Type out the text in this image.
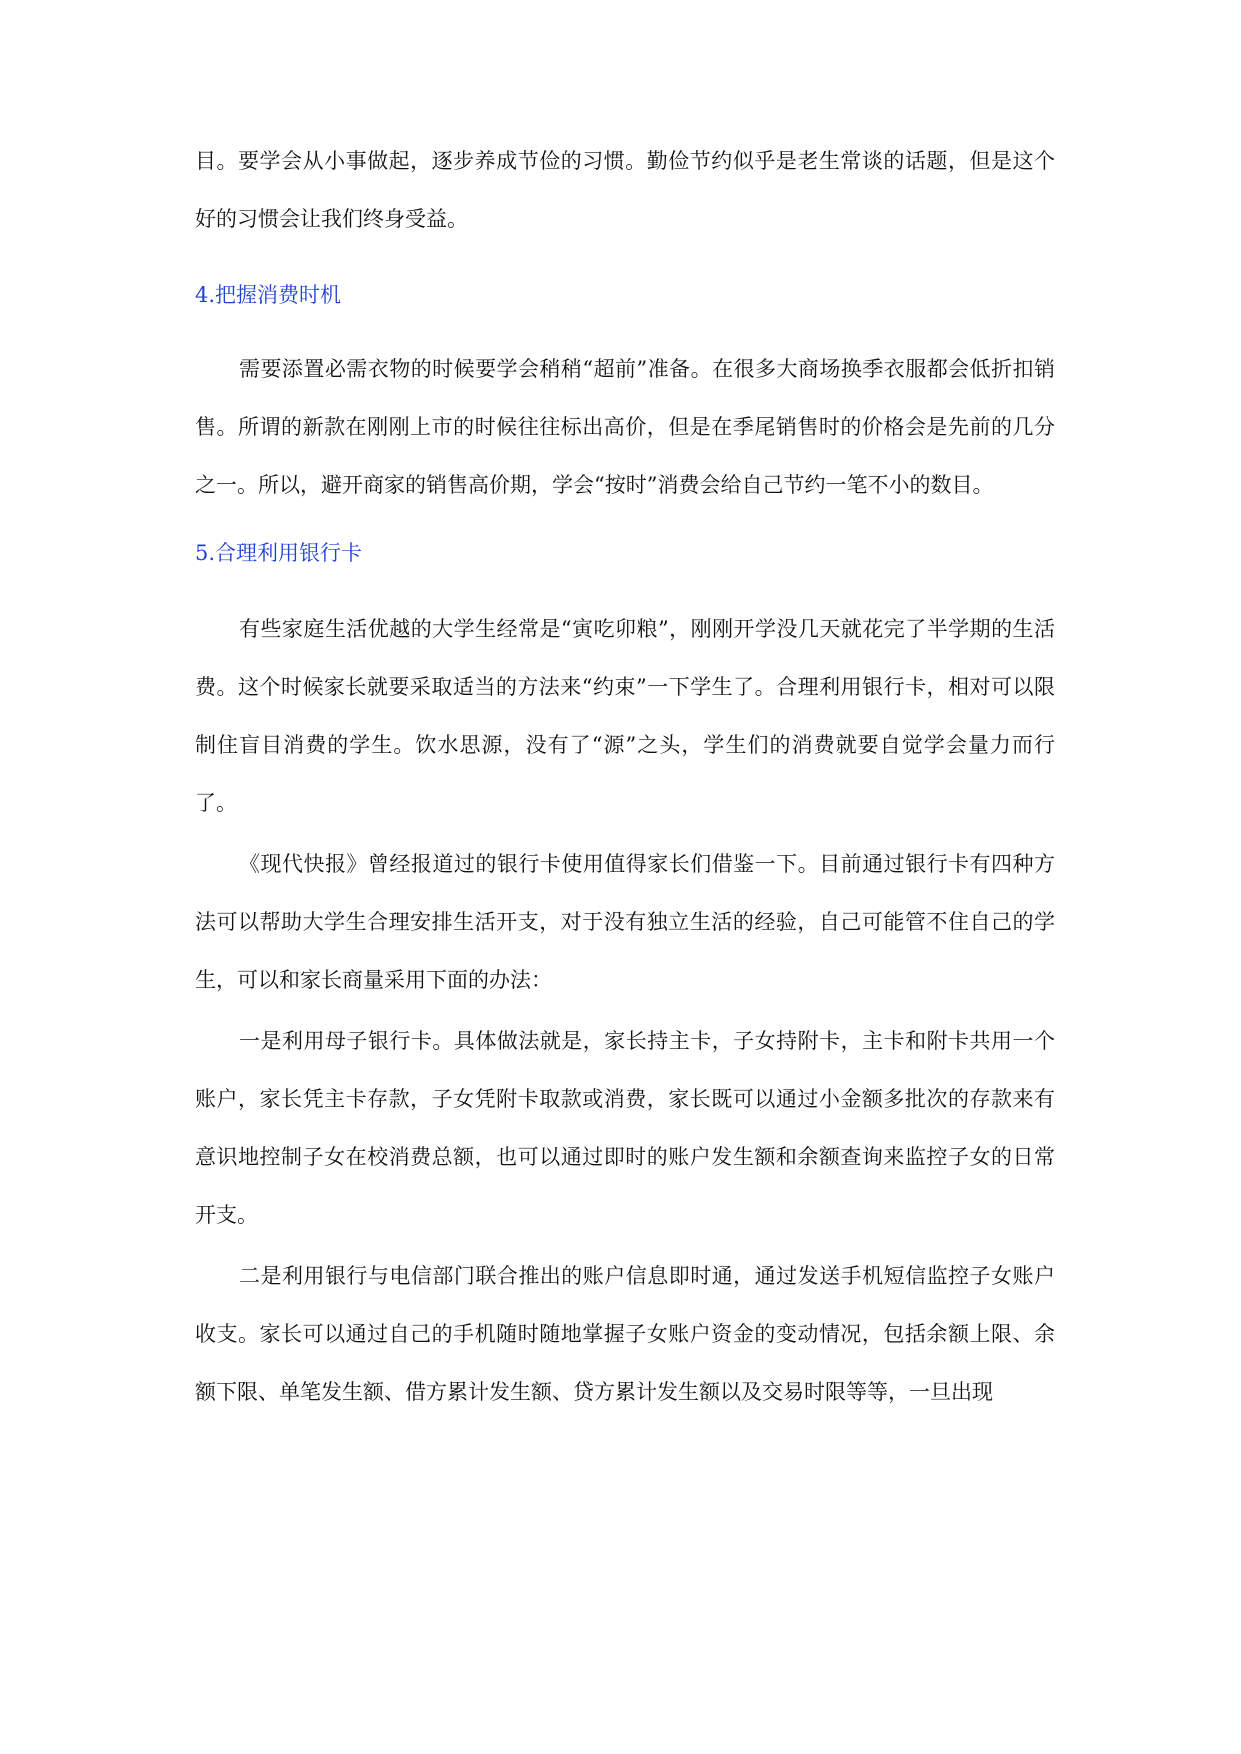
目。要学会从小事做起，逐步养成节俭的习惯。勤俭节约似乎是老生常谈的话题，但是这个好的习惯会让我们终身受益。

4.把握消费时机

需要添置必需衣物的时候要学会稍稍“超前”准备。在很多大商场换季衣服都会低折扣销售。所谓的新款在刚刚上市的时候往往标出高价，但是在季尾销售时的价格会是先前的几分之一。所以，避开商家的销售高价期，学会“按时”消费会给自己节约一笔不小的数目。

5.合理利用银行卡

有些家庭生活优越的大学生经常是“寅吃卯粮”，刚刚开学没几天就花完了半学期的生活费。这个时候家长就要采取适当的方法来“约束”一下学生了。合理利用银行卡，相对可以限制住盲目消费的学生。饮水思源，没有了“源”之头，学生们的消费就要自觉学会量力而行了。

《现代快报》曾经报道过的银行卡使用值得家长们借鉴一下。目前通过银行卡有四种方法可以帮助大学生合理安排生活开支，对于没有独立生活的经验，自己可能管不住自己的学生，可以和家长商量采用下面的办法：

一是利用母子银行卡。具体做法就是，家长持主卡，子女持附卡，主卡和附卡共用一个账户，家长凭主卡存款，子女凭附卡取款或消费，家长既可以通过小金额多批次的存款来有意识地控制子女在校消费总额，也可以通过即时的账户发生额和余额查询来监控子女的日常开支。

二是利用银行与电信部门联合推出的账户信息即时通，通过发送手机短信监控子女账户收支。家长可以通过自己的手机随时随地掌握子女账户资金的变动情况，包括余额上限、余额下限、单笔发生额、借方累计发生额、贷方累计发生额以及交易时限等等，一旦出现
